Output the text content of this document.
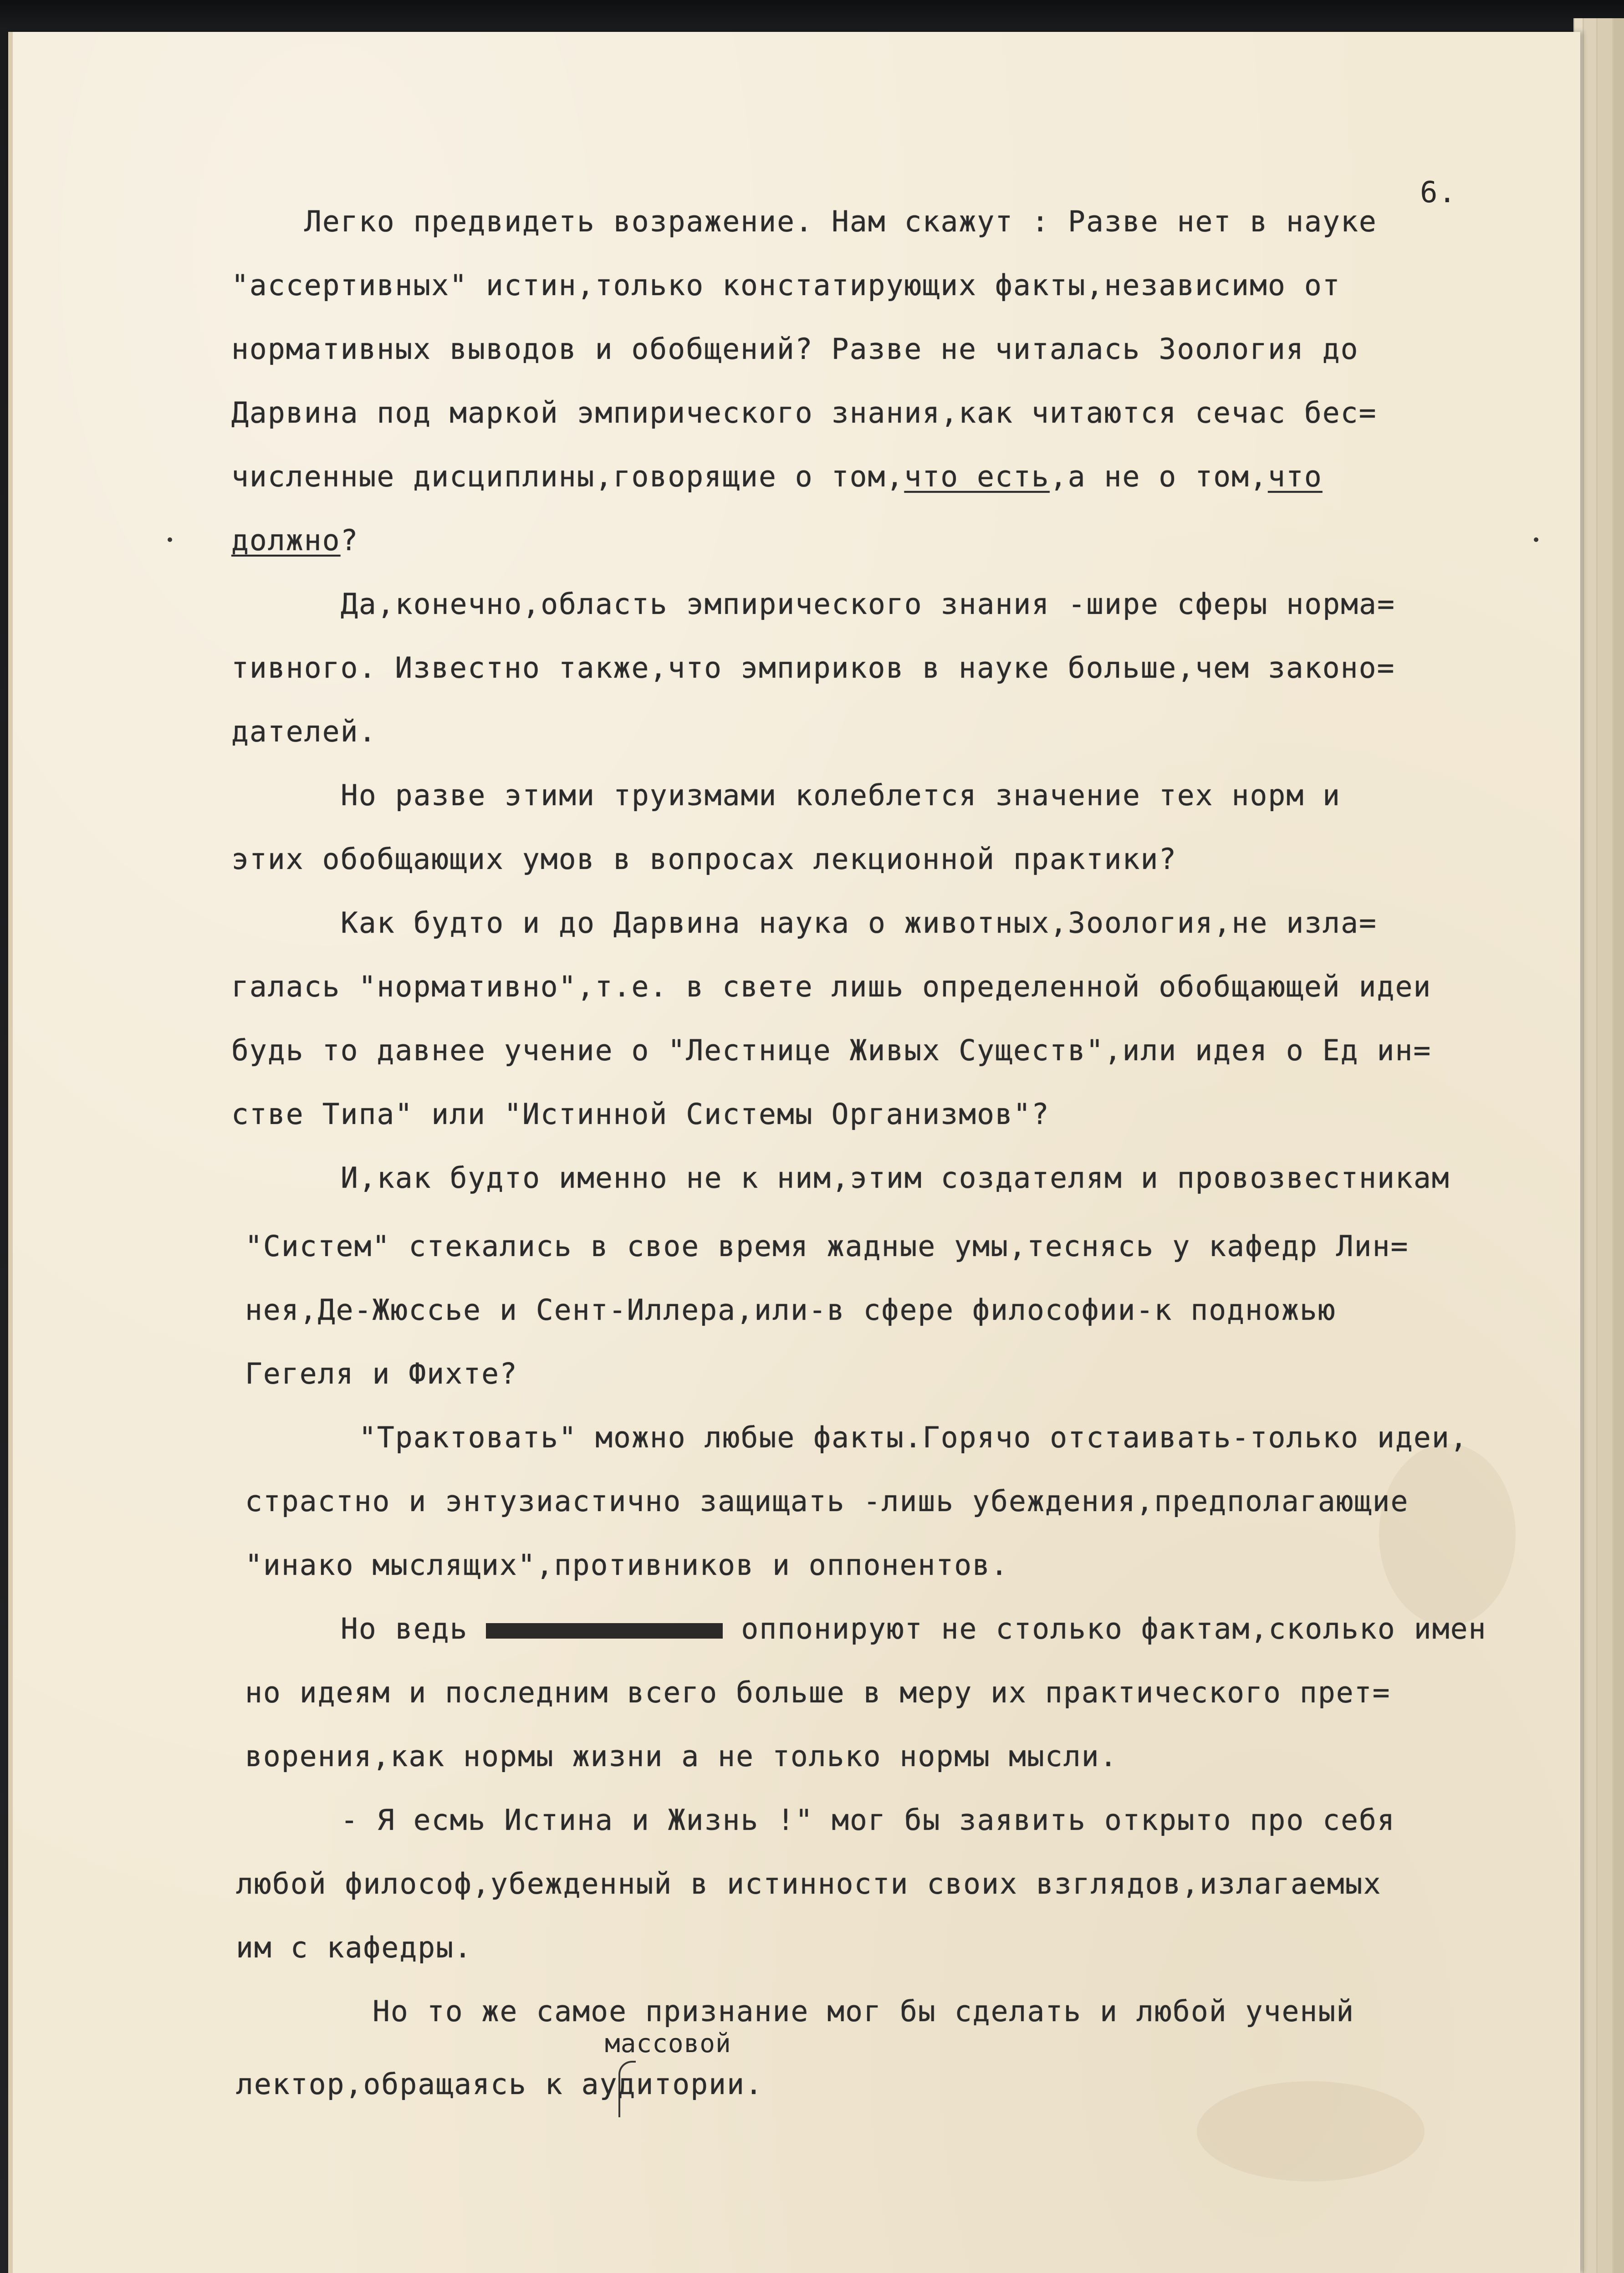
6.
Легко предвидеть возражение. Нам скажут : Разве нет в науке
"ассертивных" истин,только констатирующих факты,независимо от
нормативных выводов и обобщений? Разве не читалась Зоология до
Дарвина под маркой эмпирического знания,как читаются сечас бес=
численные дисциплины,говорящие о том,что есть,а не о том,что
должно?
Да,конечно,область эмпирического знания -шире сферы норма=
тивного. Известно также,что эмпириков в науке больше,чем законо=
дателей.
Но разве этими труизмами колеблется значение тех норм и
этих обобщающих умов в вопросах лекционной практики?
Как будто и до Дарвина наука о животных,Зоология,не изла=
галась "нормативно",т.е. в свете лишь определенной обобщающей идеи
будь то давнее учение о "Лестнице Живых Существ",или идея о Ед ин=
стве Типа" или "Истинной Системы Организмов"?
И,как будто именно не к ним,этим создателям и провозвестникам
"Систем" стекались в свое время жадные умы,теснясь у кафедр Лин=
нея,Де-Жюссье и Сент-Иллера,или-в сфере философии-к подножью
Гегеля и Фихте?
"Трактовать" можно любые факты.Горячо отстаивать-только идеи,
страстно и энтузиастично защищать -лишь убеждения,предполагающие
"инако мыслящих",противников и оппонентов.
Но ведь	оппонируют не столько фактам,сколько имен
но идеям и последним всего больше в меру их практического прет=
ворения,как нормы жизни а не только нормы мысли.
- Я есмь Истина и Жизнь !" мог бы заявить открыто про себя
любой философ,убежденный в истинности своих взглядов,излагаемых
им с кафедры.
Но то же самое признание мог бы сделать и любой ученый
массовой
лектор,обращаясь к аудитории.
